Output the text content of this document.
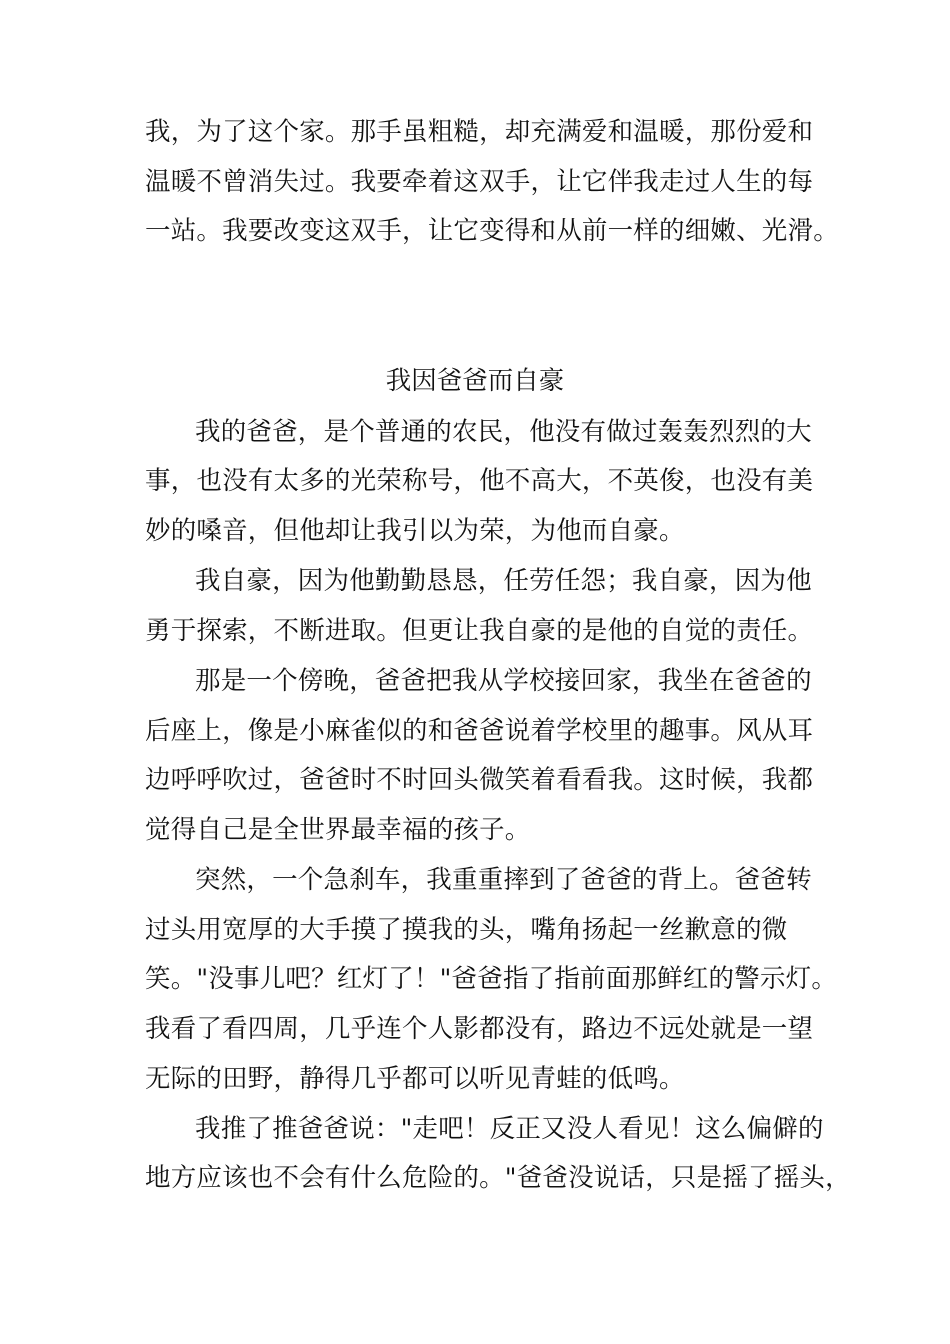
我，为了这个家。那手虽粗糙，却充满爱和温暖，那份爱和
温暖不曾消失过。我要牵着这双手，让它伴我走过人生的每
一站。我要改变这双手，让它变得和从前一样的细嫩、光滑。
我因爸爸而自豪
我的爸爸，是个普通的农民，他没有做过轰轰烈烈的大
事，也没有太多的光荣称号，他不高大，不英俊，也没有美
妙的嗓音，但他却让我引以为荣，为他而自豪。
我自豪，因为他勤勤恳恳，任劳任怨；我自豪，因为他
勇于探索，不断进取。但更让我自豪的是他的自觉的责任。
那是一个傍晚，爸爸把我从学校接回家，我坐在爸爸的
后座上，像是小麻雀似的和爸爸说着学校里的趣事。风从耳
边呼呼吹过，爸爸时不时回头微笑着看看我。这时候，我都
觉得自己是全世界最幸福的孩子。
突然，一个急刹车，我重重摔到了爸爸的背上。爸爸转
过头用宽厚的大手摸了摸我的头，嘴角扬起一丝歉意的微
笑。"没事儿吧？红灯了！"爸爸指了指前面那鲜红的警示灯。
我看了看四周，几乎连个人影都没有，路边不远处就是一望
无际的田野，静得几乎都可以听见青蛙的低鸣。
我推了推爸爸说："走吧！反正又没人看见！这么偏僻的
地方应该也不会有什么危险的。"爸爸没说话，只是摇了摇头，
